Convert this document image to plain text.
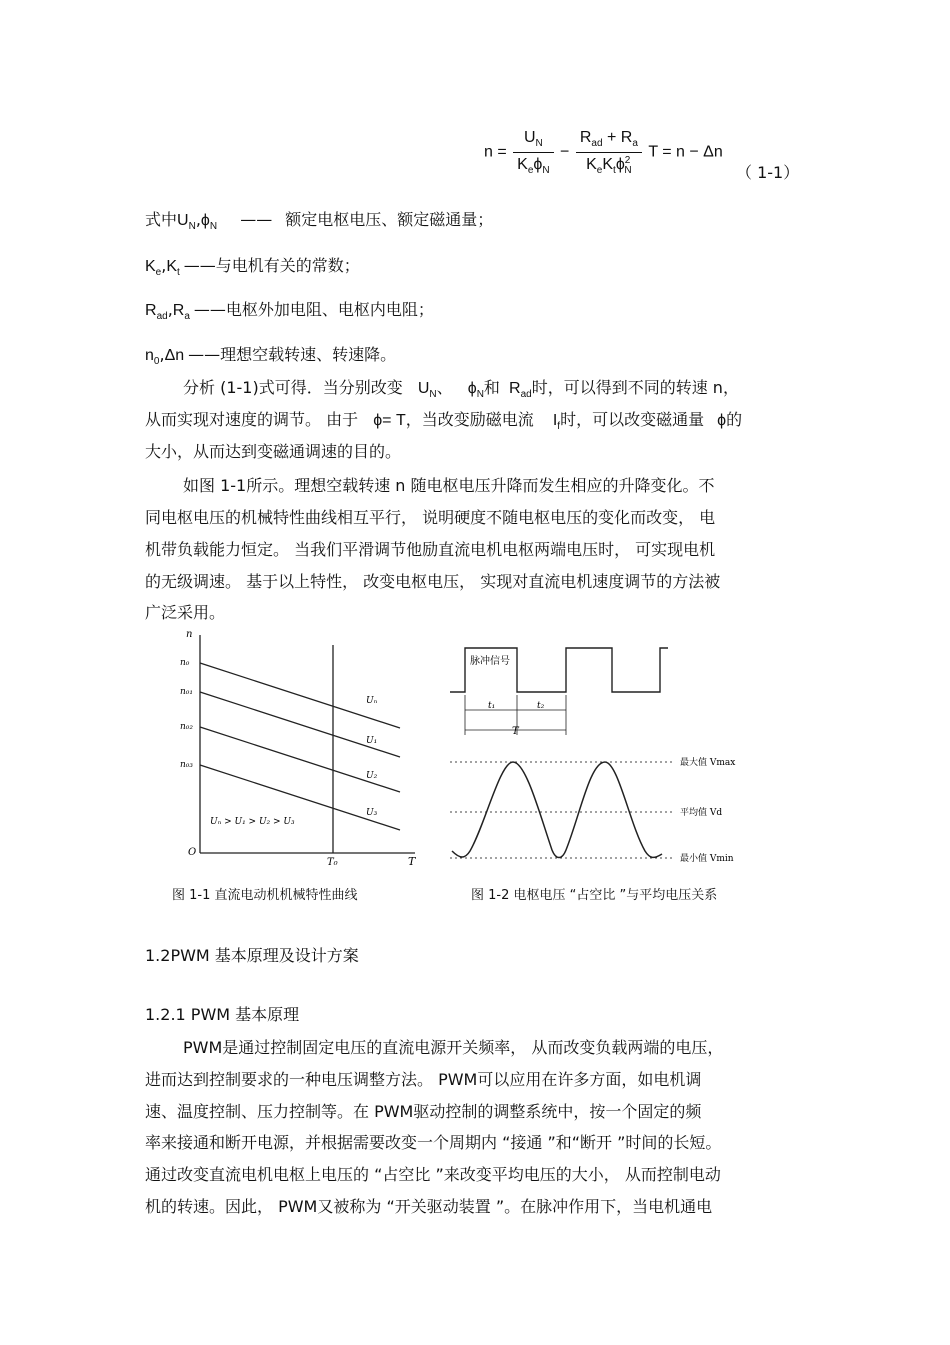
$n = \frac{U_N}{K_e\phi_N} - \frac{R_{ad} + R_a}{K_eK_t\phi^2_N}$ T = n − Δn
（ 1-1）
式中$U_N,\phi_N$ —— 额定电枢电压、额定磁通量；
$K_e,K_t$ ——与电机有关的常数；
$R_{ad},R_a$ ——电枢外加电阻、电枢内电阻；
$n_0,\Delta n$ ——理想空载转速、转速降。
分析 (1-1)式可得．当分别改变 $U_N$、 $\phi_N$和 $R_{ad}$时，可以得到不同的转速 n，
从而实现对速度的调节。 由于 ϕ= T，当改变励磁电流 $I_f$时，可以改变磁通量 ϕ的
大小，从而达到变磁通调速的目的。
如图 1-1所示。理想空载转速 n 随电枢电压升降而发生相应的升降变化。不
同电枢电压的机械特性曲线相互平行， 说明硬度不随电枢电压的变化而改变， 电
机带负载能力恒定。 当我们平滑调节他励直流电机电枢两端电压时， 可实现电机
的无级调速。 基于以上特性， 改变电枢电压， 实现对直流电机速度调节的方法被
广泛采用。
n
T
O
T₀
n₀
n₀₁
n₀₂
n₀₃
Uₙ
U₁
U₂
U₃
Uₙ > U₁ > U₂ > U₃
图 1-1 直流电动机机械特性曲线
脉冲信号
t₁	t₂
T
最大值 Vmax
平均值 Vd
最小值 Vmin
图 1-2 电枢电压 “占空比 ”与平均电压关系
1.2PWM 基本原理及设计方案
1.2.1 PWM 基本原理
PWM是通过控制固定电压的直流电源开关频率， 从而改变负载两端的电压，
进而达到控制要求的一种电压调整方法。 PWM可以应用在许多方面，如电机调
速、温度控制、压力控制等。在 PWM驱动控制的调整系统中，按一个固定的频
率来接通和断开电源，并根据需要改变一个周期内 “接通 ”和“断开 ”时间的长短。
通过改变直流电机电枢上电压的 “占空比 ”来改变平均电压的大小， 从而控制电动
机的转速。因此， PWM又被称为 “开关驱动装置 ”。在脉冲作用下，当电机通电
